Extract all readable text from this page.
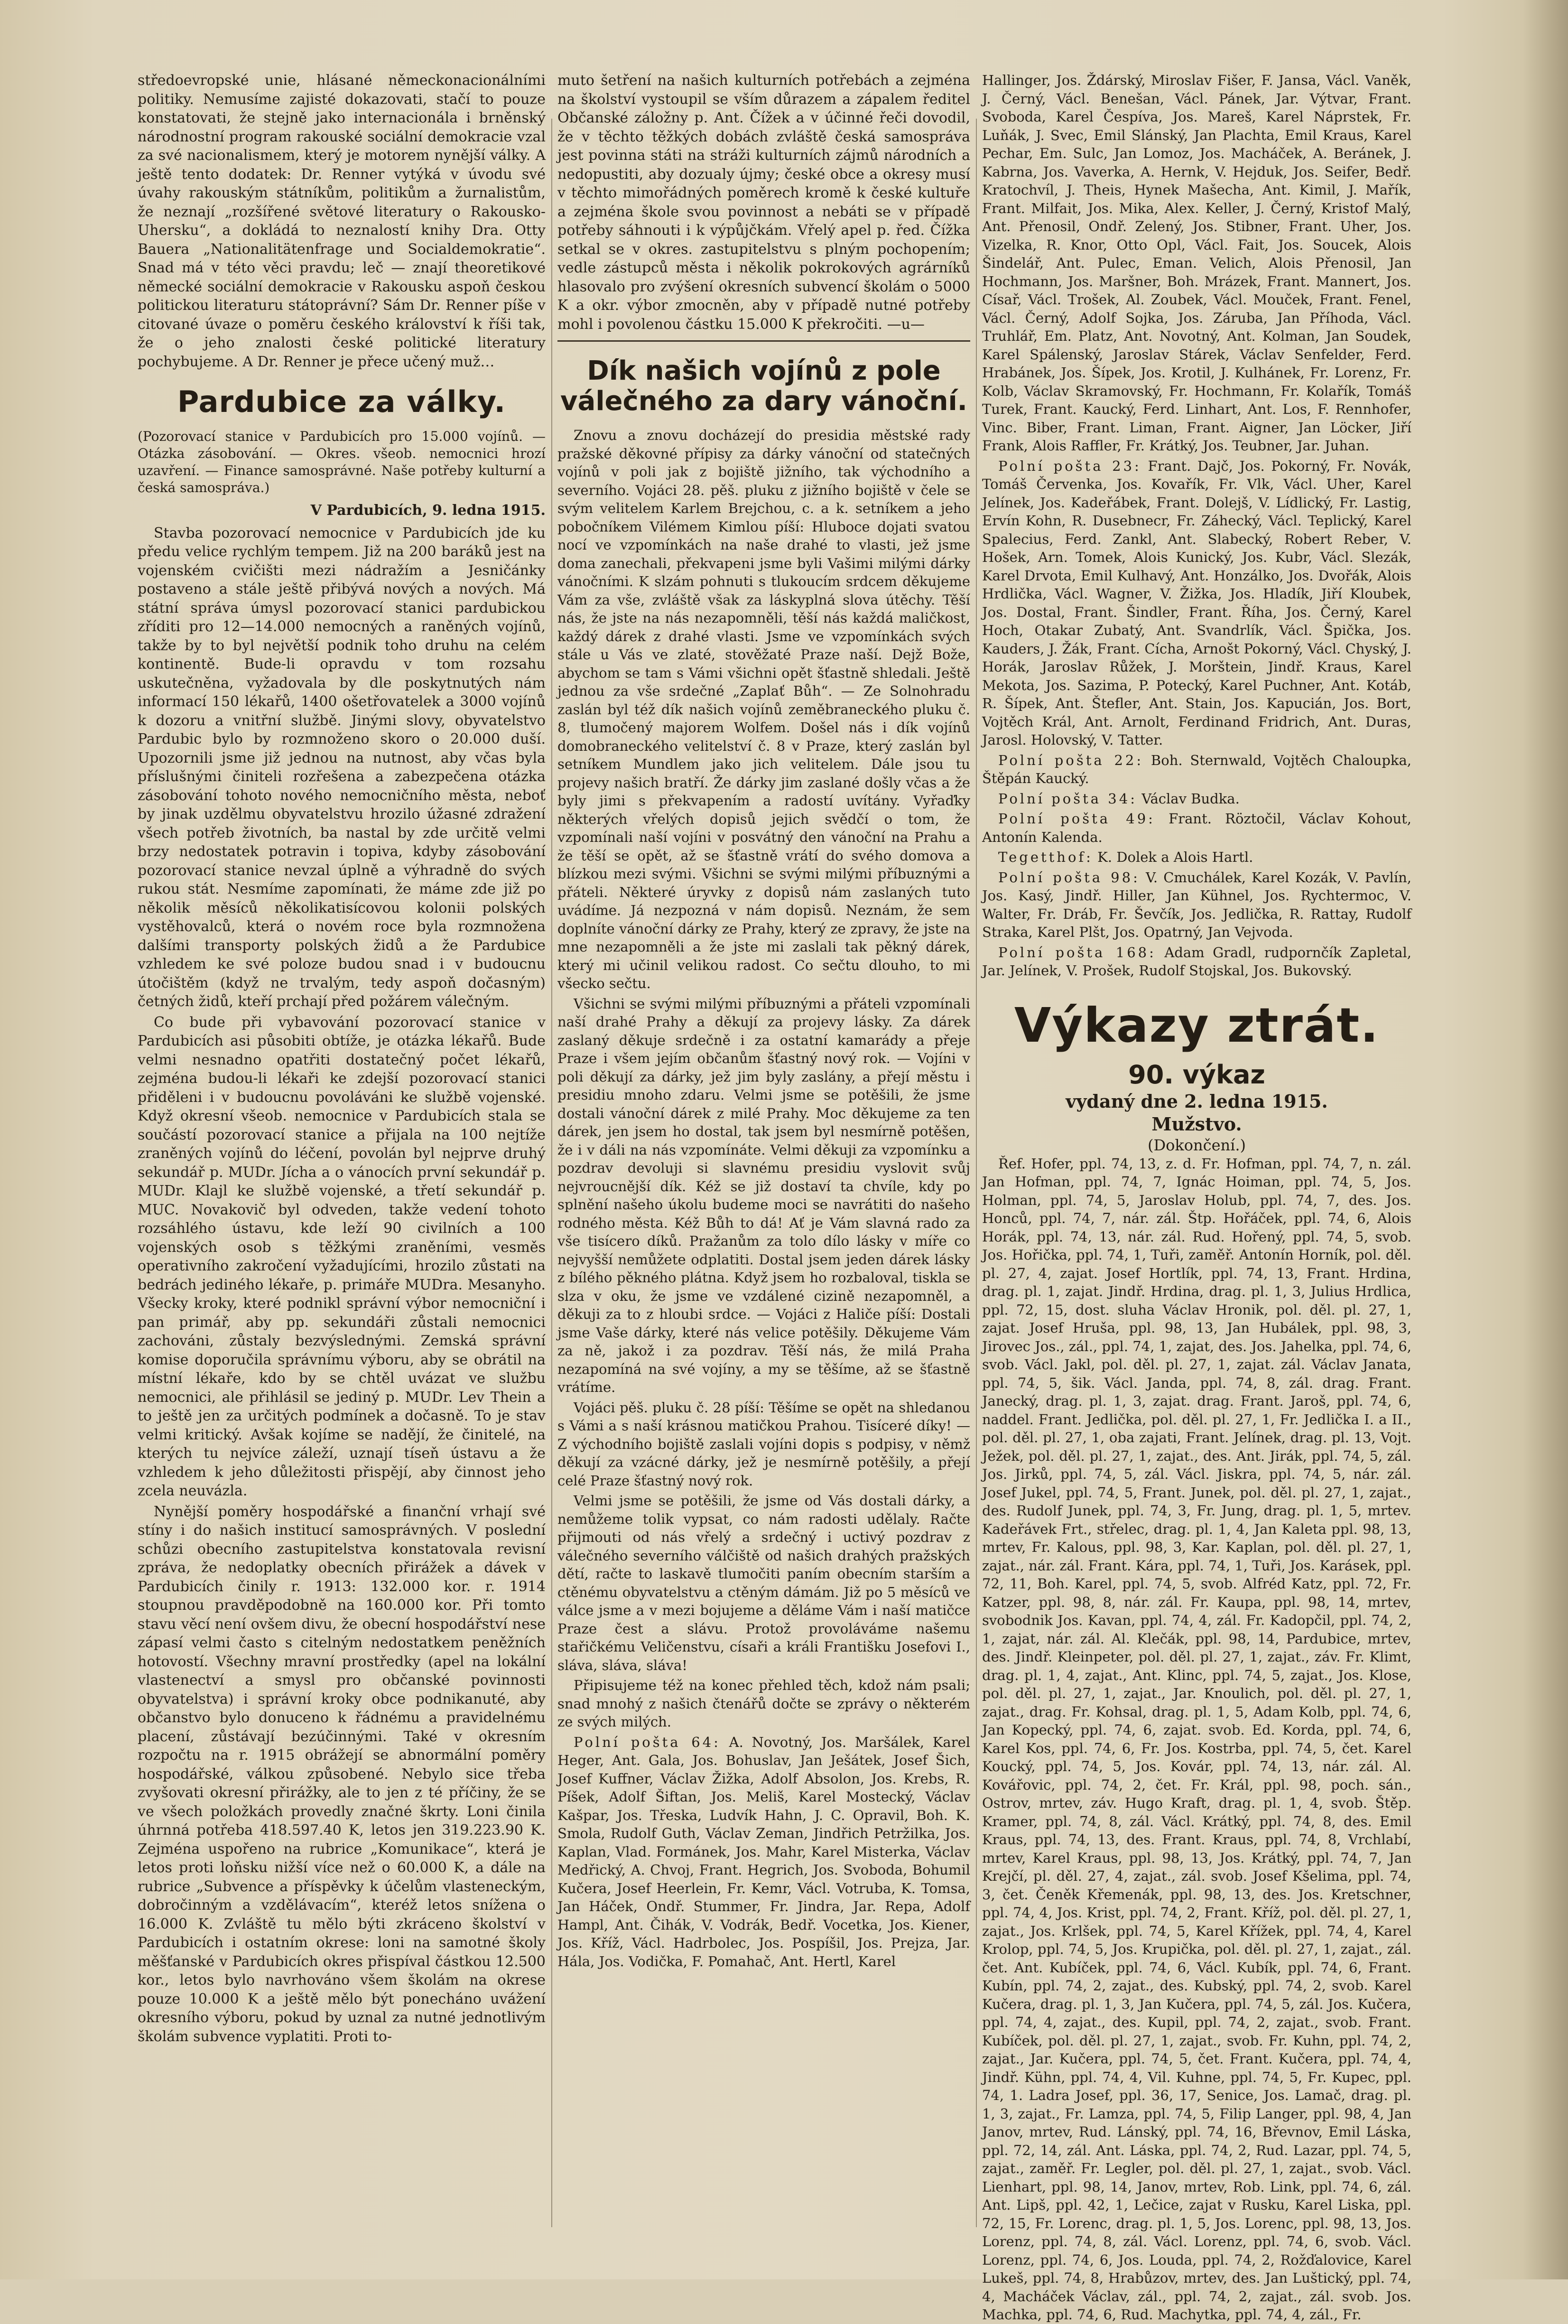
středoevropské unie, hlásané německonacionálními politiky. Nemusíme zajisté dokazovati, stačí to pouze konstatovati, že stejně jako internacionála i brněnský národnostní program rakouské sociální demokracie vzal za své nacionalismem, který je motorem nynější války. A ještě tento dodatek: Dr. Renner vytýká v úvodu své úvahy rakouským státníkům, politikům a žurnalistům, že neznají „rozšířené světové literatury o Rakousko-Uhersku“, a dokládá to neznalostí knihy Dra. Otty Bauera „Nationalitätenfrage und Socialdemokratie“. Snad má v této věci pravdu; leč — znají theoretikové německé sociální demokracie v Rakousku aspoň českou politickou literaturu státoprávní? Sám Dr. Renner píše v citované úvaze o poměru českého království k říši tak, že o jeho znalosti české politické literatury pochybujeme. A Dr. Renner je přece učený muž…

Pardubice za války.
(Pozorovací stanice v Pardubicích pro 15.000 vojínů. — Otázka zásobování. — Okres. všeob. nemocnici hrozí uzavření. — Finance samosprávné. Naše potřeby kulturní a česká samospráva.)
V Pardubicích, 9. ledna 1915.

Stavba pozorovací nemocnice v Pardubicích jde ku předu velice rychlým tempem. Již na 200 baráků jest na vojenském cvičišti mezi nádražím a Jesničánky postaveno a stále ještě přibývá nových a nových. Má státní správa úmysl pozorovací stanici pardubickou zříditi pro 12—14.000 nemocných a raněných vojínů, takže by to byl největší podnik toho druhu na celém kontinentě. Bude-li opravdu v tom rozsahu uskutečněna, vyžadovala by dle poskytnutých nám informací 150 lékařů, 1400 ošetřovatelek a 3000 vojínů k dozoru a vnitřní službě. Jinými slovy, obyvatelstvo Pardubic bylo by rozmnoženo skoro o 20.000 duší. Upozornili jsme již jednou na nutnost, aby včas byla příslušnými činiteli rozřešena a zabezpečena otázka zásobování tohoto nového nemocničního města, neboť by jinak uzdělmu obyvatelstvu hrozilo úžasné zdražení všech potřeb životních, ba nastal by zde určitě velmi brzy nedostatek potravin i topiva, kdyby zásobování pozorovací stanice nevzal úplně a výhradně do svých rukou stát. Nesmíme zapomínati, že máme zde již po několik měsíců několikatisícovou kolonii polských vystěhovalců, která o novém roce byla rozmnožena dalšími transporty polských židů a že Pardubice vzhledem ke své poloze budou snad i v budoucnu útočištěm (když ne trvalým, tedy aspoň dočasným) četných židů, kteří prchají před požárem válečným.

Co bude při vybavování pozorovací stanice v Pardubicích asi působiti obtíže, je otázka lékařů. Bude velmi nesnadno opatřiti dostatečný počet lékařů, zejména budou-li lékaři ke zdejší pozorovací stanici přiděleni i v budoucnu povoláváni ke službě vojenské. Když okresní všeob. nemocnice v Pardubicích stala se součástí pozorovací stanice a přijala na 100 nejtíže zraněných vojínů do léčení, povolán byl nejprve druhý sekundář p. MUDr. Jícha a o vánocích první sekundář p. MUDr. Klajl ke službě vojenské, a třetí sekundář p. MUC. Novakovič byl odveden, takže vedení tohoto rozsáhlého ústavu, kde leží 90 civilních a 100 vojenských osob s těžkými zraněními, vesměs operativního zakročení vyžadujícími, hrozilo zůstati na bedrách jediného lékaře, p. primáře MUDra. Mesanyho. Všecky kroky, které podnikl správní výbor nemocniční i pan primář, aby pp. sekundáři zůstali nemocnici zachováni, zůstaly bezvýslednými. Zemská správní komise doporučila správnímu výboru, aby se obrátil na místní lékaře, kdo by se chtěl uvázat ve službu nemocnici, ale přihlásil se jediný p. MUDr. Lev Thein a to ještě jen za určitých podmínek a dočasně. To je stav velmi kritický. Avšak kojíme se nadějí, že činitelé, na kterých tu nejvíce záleží, uznají tíseň ústavu a že vzhledem k jeho důležitosti přispějí, aby činnost jeho zcela neuvázla.

Nynější poměry hospodářské a finanční vrhají své stíny i do našich institucí samosprávných. V poslední schůzi obecního zastupitelstva konstatovala revisní zpráva, že nedoplatky obecních přirážek a dávek v Pardubicích činily r. 1913: 132.000 kor. r. 1914 stoupnou pravděpodobně na 160.000 kor. Při tomto stavu věcí není ovšem divu, že obecní hospodářství nese zápasí velmi často s citelným nedostatkem peněžních hotovostí. Všechny mravní prostředky (apel na lokální vlastenectví a smysl pro občanské povinnosti obyvatelstva) i správní kroky obce podnikanuté, aby občanstvo bylo donuceno k řádnému a pravidelnému placení, zůstávají bezúčinnými. Také v okresním rozpočtu na r. 1915 obrážejí se abnormální poměry hospodářské, válkou způsobené. Nebylo sice třeba zvyšovati okresní přirážky, ale to jen z té příčiny, že se ve všech položkách provedly značné škrty. Loni činila úhrnná potřeba 418.597.40 K, letos jen 319.223.90 K. Zejména uspořeno na rubrice „Komunikace“, která je letos proti loňsku nižší více než o 60.000 K, a dále na rubrice „Subvence a příspěvky k účelům vlasteneckým, dobročinným a vzdělávacím“, kteréž letos snížena o 16.000 K. Zvláště tu mělo býti zkráceno školství v Pardubicích i ostatním okrese: loni na samotné školy měšťanské v Pardubicích okres přispíval částkou 12.500 kor., letos bylo navrhováno všem školám na okrese pouze 10.000 K a ještě mělo být ponecháno uvážení okresního výboru, pokud by uznal za nutné jednotlivým školám subvence vyplatiti. Proti to-

muto šetření na našich kulturních potřebách a zejména na školství vystoupil se vším důrazem a zápalem ředitel Občanské záložny p. Ant. Čížek a v účinné řeči dovodil, že v těchto těžkých dobách zvláště česká samospráva jest povinna státi na stráži kulturních zájmů národních a nedopustiti, aby dozualy újmy; české obce a okresy musí v těchto mimořádných poměrech kromě k české kultuře a zejména škole svou povinnost a nebáti se v případě potřeby sáhnouti i k výpůjčkám. Vřelý apel p. řed. Čížka setkal se v okres. zastupitelstvu s plným pochopením; vedle zástupců města i několik pokrokových agrárníků hlasovalo pro zvýšení okresních subvencí školám o 5000 K a okr. výbor zmocněn, aby v případě nutné potřeby mohl i povolenou částku 15.000 K překročiti. —u—

Dík našich vojínů z pole válečného za dary vánoční.

Znovu a znovu docházejí do presidia městské rady pražské děkovné přípisy za dárky vánoční od statečných vojínů v poli jak z bojiště jižního, tak východního a severního. Vojáci 28. pěš. pluku z jižního bojiště v čele se svým velitelem Karlem Brejchou, c. a k. setníkem a jeho pobočníkem Vilémem Kimlou píší: Hluboce dojati svatou nocí ve vzpomínkách na naše drahé to vlasti, jež jsme doma zanechali, překvapeni jsme byli Vašimi milými dárky vánočními. K slzám pohnuti s tlukoucím srdcem děkujeme Vám za vše, zvláště však za láskyplná slova útěchy. Těší nás, že jste na nás nezapomněli, těší nás každá maličkost, každý dárek z drahé vlasti. Jsme ve vzpomínkách svých stále u Vás ve zlaté, stověžaté Praze naší. Dejž Bože, abychom se tam s Vámi všichni opět šťastně shledali. Ještě jednou za vše srdečné „Zaplať Bůh“. — Ze Solnohradu zaslán byl též dík našich vojínů zeměbraneckého pluku č. 8, tlumočený majorem Wolfem. Došel nás i dík vojínů domobraneckého velitelství č. 8 v Praze, který zaslán byl setníkem Mundlem jako jich velitelem. Dále jsou tu projevy našich bratří. Že dárky jim zaslané došly včas a že byly jimi s překvapením a radostí uvítány. Vyřaďky některých vřelých dopisů jejich svědčí o tom, že vzpomínali naší vojíni v posvátný den vánoční na Prahu a že těší se opět, až se šťastně vrátí do svého domova a blízkou mezi svými. Všichni se svými milými příbuznými a přáteli. Některé úryvky z dopisů nám zaslaných tuto uvádíme. Já nezpozná v nám dopisů. Neznám, že sem doplníte vánoční dárky ze Prahy, který ze zpravy, že jste na mne nezapomněli a že jste mi zaslali tak pěkný dárek, který mi učinil velikou radost. Co sečtu dlouho, to mi všecko sečtu.

Všichni se svými milými příbuznými a přáteli vzpomínali naší drahé Prahy a děkují za projevy lásky. Za dárek zaslaný děkuje srdečně i za ostatní kamarády a přeje Praze i všem jejím občanům šťastný nový rok. — Vojíni v poli děkují za dárky, jež jim byly zaslány, a přejí městu i presidiu mnoho zdaru. Velmi jsme se potěšili, že jsme dostali vánoční dárek z milé Prahy. Moc děkujeme za ten dárek, jen jsem ho dostal, tak jsem byl nesmírně potěšen, že i v dáli na nás vzpomínáte. Velmi děkuji za vzpomínku a pozdrav devoluji si slavnému presidiu vyslovit svůj nejvroucnější dík. Kéž se již dostaví ta chvíle, kdy po splnění našeho úkolu budeme moci se navrátiti do našeho rodného města. Kéž Bůh to dá! Ať je Vám slavná rado za vše tisícero díků. Pražanům za tolo dílo lásky v míře co nejvyšší nemůžete odplatiti. Dostal jsem jeden dárek lásky z bílého pěkného plátna. Když jsem ho rozbaloval, tiskla se slza v oku, že jsme ve vzdálené cizině nezapomněl, a děkuji za to z hloubi srdce. — Vojáci z Haliče píší: Dostali jsme Vaše dárky, které nás velice potěšily. Děkujeme Vám za ně, jakož i za pozdrav. Těší nás, že milá Praha nezapomíná na své vojíny, a my se těšíme, až se šťastně vrátíme.

Vojáci pěš. pluku č. 28 píší: Těšíme se opět na shledanou s Vámi a s naší krásnou matičkou Prahou. Tisíceré díky! — Z východního bojiště zaslali vojíni dopis s podpisy, v němž děkují za vzácné dárky, jež je nesmírně potěšily, a přejí celé Praze šťastný nový rok.

Velmi jsme se potěšili, že jsme od Vás dostali dárky, a nemůžeme tolik vypsat, co nám radosti udělaly. Račte přijmouti od nás vřelý a srdečný i uctivý pozdrav z válečného severního válčiště od našich drahých pražských dětí, račte to laskavě tlumočiti paním obecním starším a ctěnému obyvatelstvu a ctěným dámám. Již po 5 měsíců ve válce jsme a v mezi bojujeme a děláme Vám i naší matičce Praze čest a slávu. Protož provoláváme našemu stařičkému Veličenstvu, císaři a králi Františku Josefovi I., sláva, sláva, sláva!

Připisujeme též na konec přehled těch, kdož nám psali; snad mnohý z našich čtenářů dočte se zprávy o některém ze svých milých.

Polní pošta 64: A. Novotný, Jos. Maršálek, Karel Heger, Ant. Gala, Jos. Bohuslav, Jan Ješátek, Josef Šich, Josef Kuffner, Václav Žižka, Adolf Absolon, Jos. Krebs, R. Píšek, Adolf Šiftan, Jos. Meliš, Karel Mostecký, Václav Kašpar, Jos. Třeska, Ludvík Hahn, J. C. Opravil, Boh. K. Smola, Rudolf Guth, Václav Zeman, Jindřich Petržilka, Jos. Kaplan, Vlad. Formánek, Jos. Mahr, Karel Misterka, Václav Medřický, A. Chvoj, Frant. Hegrich, Jos. Svoboda, Bohumil Kučera, Josef Heerlein, Fr. Kemr, Václ. Votruba, K. Tomsa, Jan Háček, Ondř. Stummer, Fr. Jindra, Jar. Repa, Adolf Hampl, Ant. Čihák, V. Vodrák, Bedř. Vocetka, Jos. Kiener, Jos. Kříž, Václ. Hadrbolec, Jos. Pospíšil, Jos. Prejza, Jar. Hála, Jos. Vodička, F. Pomahač, Ant. Hertl, Karel

Hallinger, Jos. Ždárský, Miroslav Fišer, F. Jansa, Václ. Vaněk, J. Černý, Václ. Benešan, Václ. Pánek, Jar. Výtvar, Frant. Svoboda, Karel Čespíva, Jos. Mareš, Karel Náprstek, Fr. Luňák, J. Svec, Emil Slánský, Jan Plachta, Emil Kraus, Karel Pechar, Em. Sulc, Jan Lomoz, Jos. Macháček, A. Beránek, J. Kabrna, Jos. Vaverka, A. Hernk, V. Hejduk, Jos. Seifer, Bedř. Kratochvíl, J. Theis, Hynek Mašecha, Ant. Kimil, J. Mařík, Frant. Milfait, Jos. Mika, Alex. Keller, J. Černý, Kristof Malý, Ant. Přenosil, Ondř. Zelený, Jos. Stibner, Frant. Uher, Jos. Vizelka, R. Knor, Otto Opl, Václ. Fait, Jos. Soucek, Alois Šindelář, Ant. Pulec, Eman. Velich, Alois Přenosil, Jan Hochmann, Jos. Maršner, Boh. Mrázek, Frant. Mannert, Jos. Císař, Václ. Trošek, Al. Zoubek, Václ. Mouček, Frant. Fenel, Václ. Černý, Adolf Sojka, Jos. Záruba, Jan Příhoda, Václ. Truhlář, Em. Platz, Ant. Novotný, Ant. Kolman, Jan Soudek, Karel Spálenský, Jaroslav Stárek, Václav Senfelder, Ferd. Hrabánek, Jos. Šípek, Jos. Krotil, J. Kulhánek, Fr. Lorenz, Fr. Kolb, Václav Skramovský, Fr. Hochmann, Fr. Kolařík, Tomáš Turek, Frant. Kaucký, Ferd. Linhart, Ant. Los, F. Rennhofer, Vinc. Biber, Frant. Liman, Frant. Aigner, Jan Löcker, Jiří Frank, Alois Raffler, Fr. Krátký, Jos. Teubner, Jar. Juhan.

Polní pošta 23: Frant. Dajč, Jos. Pokorný, Fr. Novák, Tomáš Červenka, Jos. Kovařík, Fr. Vlk, Václ. Uher, Karel Jelínek, Jos. Kadeřábek, Frant. Dolejš, V. Lídlický, Fr. Lastig, Ervín Kohn, R. Dusebnecr, Fr. Záhecký, Václ. Teplický, Karel Spalecius, Ferd. Zankl, Ant. Slabecký, Robert Reber, V. Hošek, Arn. Tomek, Alois Kunický, Jos. Kubr, Václ. Slezák, Karel Drvota, Emil Kulhavý, Ant. Honzálko, Jos. Dvořák, Alois Hrdlička, Václ. Wagner, V. Žižka, Jos. Hladík, Jiří Kloubek, Jos. Dostal, Frant. Šindler, Frant. Říha, Jos. Černý, Karel Hoch, Otakar Zubatý, Ant. Svandrlík, Václ. Špička, Jos. Kauders, J. Žák, Frant. Cícha, Arnošt Pokorný, Václ. Chyský, J. Horák, Jaroslav Růžek, J. Morštein, Jindř. Kraus, Karel Mekota, Jos. Sazima, P. Potecký, Karel Puchner, Ant. Kotáb, R. Šípek, Ant. Štefler, Ant. Stain, Jos. Kapucián, Jos. Bort, Vojtěch Král, Ant. Arnolt, Ferdinand Fridrich, Ant. Duras, Jarosl. Holovský, V. Tatter.

Polní pošta 22: Boh. Sternwald, Vojtěch Chaloupka, Štěpán Kaucký.

Polní pošta 34: Václav Budka.

Polní pošta 49: Frant. Röztočil, Václav Kohout, Antonín Kalenda.

Tegetthof: K. Dolek a Alois Hartl.

Polní pošta 98: V. Cmuchálek, Karel Kozák, V. Pavlín, Jos. Kasý, Jindř. Hiller, Jan Kühnel, Jos. Rychtermoc, V. Walter, Fr. Dráb, Fr. Ševčík, Jos. Jedlička, R. Rattay, Rudolf Straka, Karel Plšt, Jos. Opatrný, Jan Vejvoda.

Polní pošta 168: Adam Gradl, rudpornčík Zapletal, Jar. Jelínek, V. Prošek, Rudolf Stojskal, Jos. Bukovský.

Výkazy ztrát.
90. výkaz
vydaný dne 2. ledna 1915.
Mužstvo.
(Dokončení.)

Řef. Hofer, ppl. 74, 13, z. d. Fr. Hofman, ppl. 74, 7, n. zál. Jan Hofman, ppl. 74, 7, Ignác Hoiman, ppl. 74, 5, Jos. Holman, ppl. 74, 5, Jaroslav Holub, ppl. 74, 7, des. Jos. Honců, ppl. 74, 7, nár. zál. Štp. Hořáček, ppl. 74, 6, Alois Horák, ppl. 74, 13, nár. zál. Rud. Hořený, ppl. 74, 5, svob. Jos. Hořička, ppl. 74, 1, Tuři, zaměř. Antonín Horník, pol. děl. pl. 27, 4, zajat. Josef Hortlík, ppl. 74, 13, Frant. Hrdina, drag. pl. 1, zajat. Jindř. Hrdina, drag. pl. 1, 3, Julius Hrdlica, ppl. 72, 15, dost. sluha Václav Hronik, pol. děl. pl. 27, 1, zajat. Josef Hruša, ppl. 98, 13, Jan Hubálek, ppl. 98, 3, Jirovec Jos., zál., ppl. 74, 1, zajat, des. Jos. Jahelka, ppl. 74, 6, svob. Václ. Jakl, pol. děl. pl. 27, 1, zajat. zál. Václav Janata, ppl. 74, 5, šik. Václ. Janda, ppl. 74, 8, zál. drag. Frant. Janecký, drag. pl. 1, 3, zajat. drag. Frant. Jaroš, ppl. 74, 6, naddel. Frant. Jedlička, pol. děl. pl. 27, 1, Fr. Jedlička I. a II., pol. děl. pl. 27, 1, oba zajati, Frant. Jelínek, drag. pl. 13, Vojt. Ježek, pol. děl. pl. 27, 1, zajat., des. Ant. Jirák, ppl. 74, 5, zál. Jos. Jirků, ppl. 74, 5, zál. Václ. Jiskra, ppl. 74, 5, nár. zál. Josef Jukel, ppl. 74, 5, Frant. Junek, pol. děl. pl. 27, 1, zajat., des. Rudolf Junek, ppl. 74, 3, Fr. Jung, drag. pl. 1, 5, mrtev. Kadeřávek Frt., střelec, drag. pl. 1, 4, Jan Kaleta ppl. 98, 13, mrtev, Fr. Kalous, ppl. 98, 3, Kar. Kaplan, pol. děl. pl. 27, 1, zajat., nár. zál. Frant. Kára, ppl. 74, 1, Tuři, Jos. Karásek, ppl. 72, 11, Boh. Karel, ppl. 74, 5, svob. Alfréd Katz, ppl. 72, Fr. Katzer, ppl. 98, 8, nár. zál. Fr. Kaupa, ppl. 98, 14, mrtev, svobodnik Jos. Kavan, ppl. 74, 4, zál. Fr. Kadopčil, ppl. 74, 2, 1, zajat, nár. zál. Al. Klečák, ppl. 98, 14, Pardubice, mrtev, des. Jindř. Kleinpeter, pol. děl. pl. 27, 1, zajat., záv. Fr. Klimt, drag. pl. 1, 4, zajat., Ant. Klinc, ppl. 74, 5, zajat., Jos. Klose, pol. děl. pl. 27, 1, zajat., Jar. Knoulich, pol. děl. pl. 27, 1, zajat., drag. Fr. Kohsal, drag. pl. 1, 5, Adam Kolb, ppl. 74, 6, Jan Kopecký, ppl. 74, 6, zajat. svob. Ed. Korda, ppl. 74, 6, Karel Kos, ppl. 74, 6, Fr. Jos. Kostrba, ppl. 74, 5, čet. Karel Koucký, ppl. 74, 5, Jos. Kovár, ppl. 74, 13, nár. zál. Al. Kovářovic, ppl. 74, 2, čet. Fr. Král, ppl. 98, poch. sán., Ostrov, mrtev, záv. Hugo Kraft, drag. pl. 1, 4, svob. Štěp. Kramer, ppl. 74, 8, zál. Václ. Krátký, ppl. 74, 8, des. Emil Kraus, ppl. 74, 13, des. Frant. Kraus, ppl. 74, 8, Vrchlabí, mrtev, Karel Kraus, ppl. 98, 13, Jos. Krátký, ppl. 74, 7, Jan Krejčí, pl. děl. 27, 4, zajat., zál. svob. Josef Kšelima, ppl. 74, 3, čet. Čeněk Křemenák, ppl. 98, 13, des. Jos. Kretschner, ppl. 74, 4, Jos. Krist, ppl. 74, 2, Frant. Kříž, pol. děl. pl. 27, 1, zajat., Jos. Krlšek, ppl. 74, 5, Karel Křížek, ppl. 74, 4, Karel Krolop, ppl. 74, 5, Jos. Krupička, pol. děl. pl. 27, 1, zajat., zál. čet. Ant. Kubíček, ppl. 74, 6, Václ. Kubík, ppl. 74, 6, Frant. Kubín, ppl. 74, 2, zajat., des. Kubský, ppl. 74, 2, svob. Karel Kučera, drag. pl. 1, 3, Jan Kučera, ppl. 74, 5, zál. Jos. Kučera, ppl. 74, 4, zajat., des. Kupil, ppl. 74, 2, zajat., svob. Frant. Kubíček, pol. děl. pl. 27, 1, zajat., svob. Fr. Kuhn, ppl. 74, 2, zajat., Jar. Kučera, ppl. 74, 5, čet. Frant. Kučera, ppl. 74, 4, Jindř. Kühn, ppl. 74, 4, Vil. Kuhne, ppl. 74, 5, Fr. Kupec, ppl. 74, 1. Ladra Josef, ppl. 36, 17, Senice, Jos. Lamač, drag. pl. 1, 3, zajat., Fr. Lamza, ppl. 74, 5, Filip Langer, ppl. 98, 4, Jan Janov, mrtev, Rud. Lánský, ppl. 74, 16, Břevnov, Emil Láska, ppl. 72, 14, zál. Ant. Láska, ppl. 74, 2, Rud. Lazar, ppl. 74, 5, zajat., zaměř. Fr. Legler, pol. děl. pl. 27, 1, zajat., svob. Václ. Lienhart, ppl. 98, 14, Janov, mrtev, Rob. Link, ppl. 74, 6, zál. Ant. Lipš, ppl. 42, 1, Lečice, zajat v Rusku, Karel Liska, ppl. 72, 15, Fr. Lorenc, drag. pl. 1, 5, Jos. Lorenc, ppl. 98, 13, Jos. Lorenz, ppl. 74, 8, zál. Václ. Lorenz, ppl. 74, 6, svob. Václ. Lorenz, ppl. 74, 6, Jos. Louda, ppl. 74, 2, Rožďalovice, Karel Lukeš, ppl. 74, 8, Hrabůzov, mrtev, des. Jan Luštický, ppl. 74, 4, Macháček Václav, zál., ppl. 74, 2, zajat., zál. svob. Jos. Machka, ppl. 74, 6, Rud. Machytka, ppl. 74, 4, zál., Fr.
